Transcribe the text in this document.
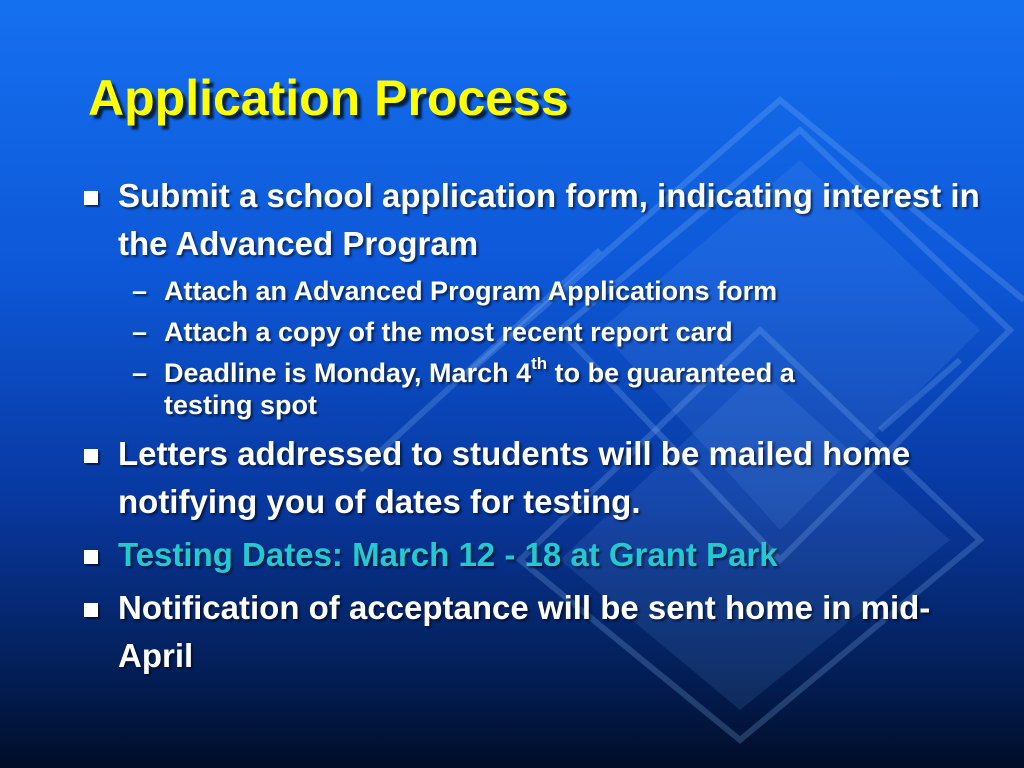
Application Process
Submit a school application form, indicating interest in the Advanced Program
– Attach an Advanced Program Applications form
– Attach a copy of the most recent report card
– Deadline is Monday, March 4th to be guaranteed a
testing spot
Letters addressed to students will be mailed home notifying you of dates for testing.
Testing Dates: March 12 - 18 at Grant Park
Notification of acceptance will be sent home in mid-April
